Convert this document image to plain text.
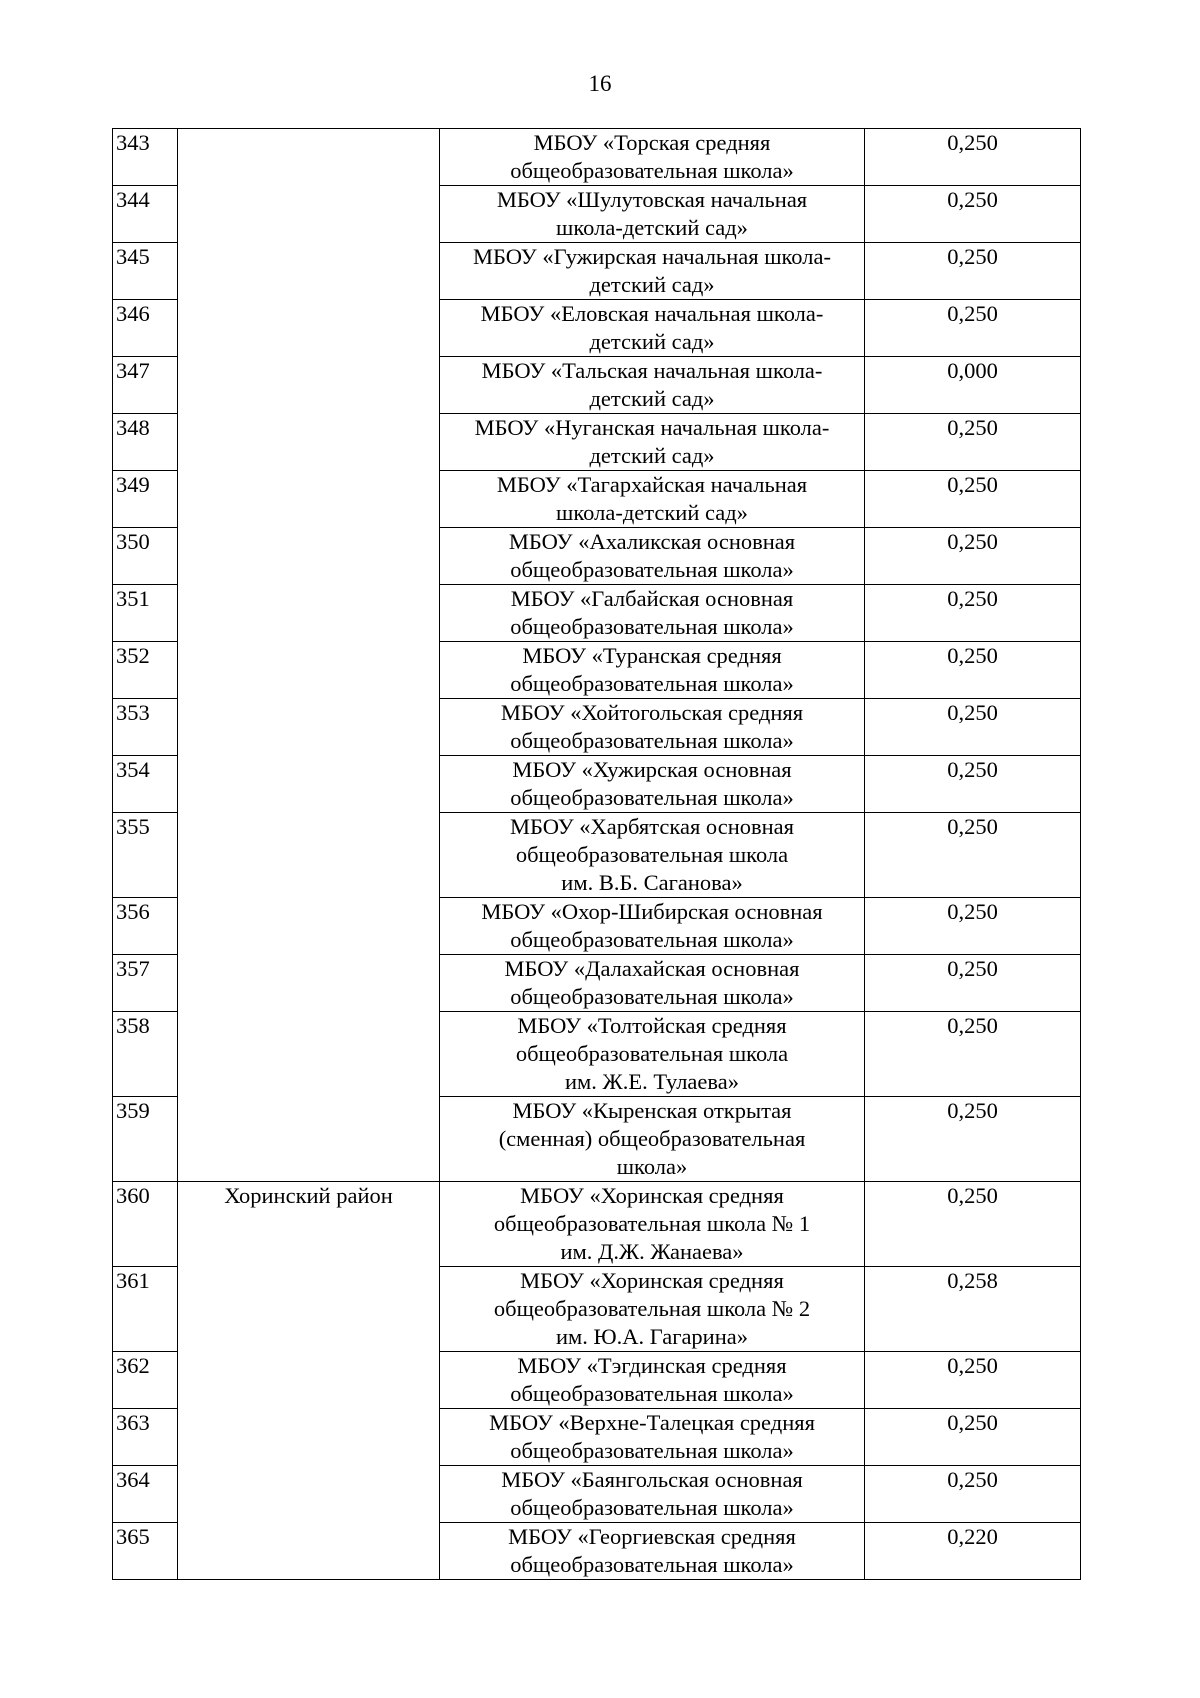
16
343		МБОУ «Торская средняя
общеобразовательная школа»	0,250
344		МБОУ «Шулутовская начальная
школа-детский сад»	0,250
345		МБОУ «Гужирская начальная школа-
детский сад»	0,250
346		МБОУ «Еловская начальная школа-
детский сад»	0,250
347		МБОУ «Тальская начальная школа-
детский сад»	0,000
348		МБОУ «Нуганская начальная школа-
детский сад»	0,250
349		МБОУ «Тагархайская начальная
школа-детский сад»	0,250
350		МБОУ «Ахаликская основная
общеобразовательная школа»	0,250
351		МБОУ «Галбайская основная
общеобразовательная школа»	0,250
352		МБОУ «Туранская средняя
общеобразовательная школа»	0,250
353		МБОУ «Хойтогольская средняя
общеобразовательная школа»	0,250
354		МБОУ «Хужирская основная
общеобразовательная школа»	0,250
355		МБОУ «Харбятская основная
общеобразовательная школа
им. В.Б. Саганова»	0,250
356		МБОУ «Охор-Шибирская основная
общеобразовательная школа»	0,250
357		МБОУ «Далахайская основная
общеобразовательная школа»	0,250
358		МБОУ «Толтойская средняя
общеобразовательная школа
им. Ж.Е. Тулаева»	0,250
359		МБОУ «Кыренская открытая
(сменная) общеобразовательная
школа»	0,250
360	Хоринский район	МБОУ «Хоринская средняя
общеобразовательная школа № 1
им. Д.Ж. Жанаева»	0,250
361		МБОУ «Хоринская средняя
общеобразовательная школа № 2
им. Ю.А. Гагарина»	0,258
362		МБОУ «Тэгдинская средняя
общеобразовательная школа»	0,250
363		МБОУ «Верхне-Талецкая средняя
общеобразовательная школа»	0,250
364		МБОУ «Баянгольская основная
общеобразовательная школа»	0,250
365		МБОУ «Георгиевская средняя
общеобразовательная школа»	0,220
